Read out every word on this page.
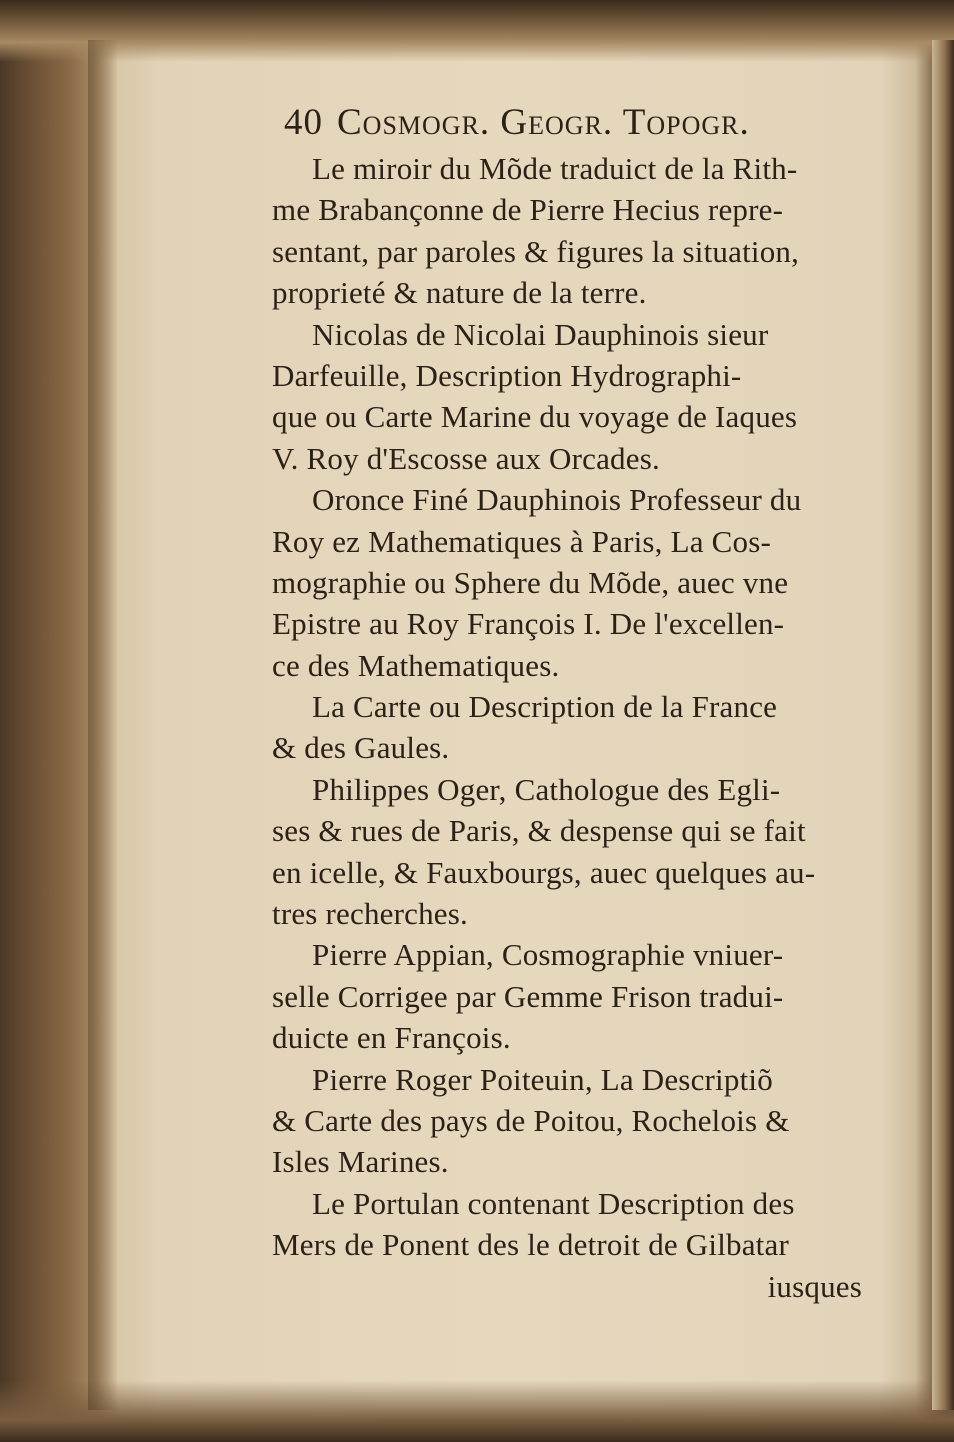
40 Cosmogr. Geogr. Topogr.
Le miroir du Mõde traduict de la Rith-
me Brabançonne de Pierre Hecius repre-
sentant, par paroles & figures la situation,
proprieté & nature de la terre.
Nicolas de Nicolai Dauphinois sieur
Darfeuille, Description Hydrographi-
que ou Carte Marine du voyage de Iaques
V. Roy d'Escosse aux Orcades.
Oronce Finé Dauphinois Professeur du
Roy ez Mathematiques à Paris, La Cos-
mographie ou Sphere du Mõde, auec vne
Epistre au Roy François I. De l'excellen-
ce des Mathematiques.
La Carte ou Description de la France
& des Gaules.
Philippes Oger, Cathologue des Egli-
ses & rues de Paris, & despense qui se fait
en icelle, & Fauxbourgs, auec quelques au-
tres recherches.
Pierre Appian, Cosmographie vniuer-
selle Corrigee par Gemme Frison tradui-
duicte en François.
Pierre Roger Poiteuin, La Descriptiõ
& Carte des pays de Poitou, Rochelois &
Isles Marines.
Le Portulan contenant Description des
Mers de Ponent des le detroit de Gilbatar
iusques
